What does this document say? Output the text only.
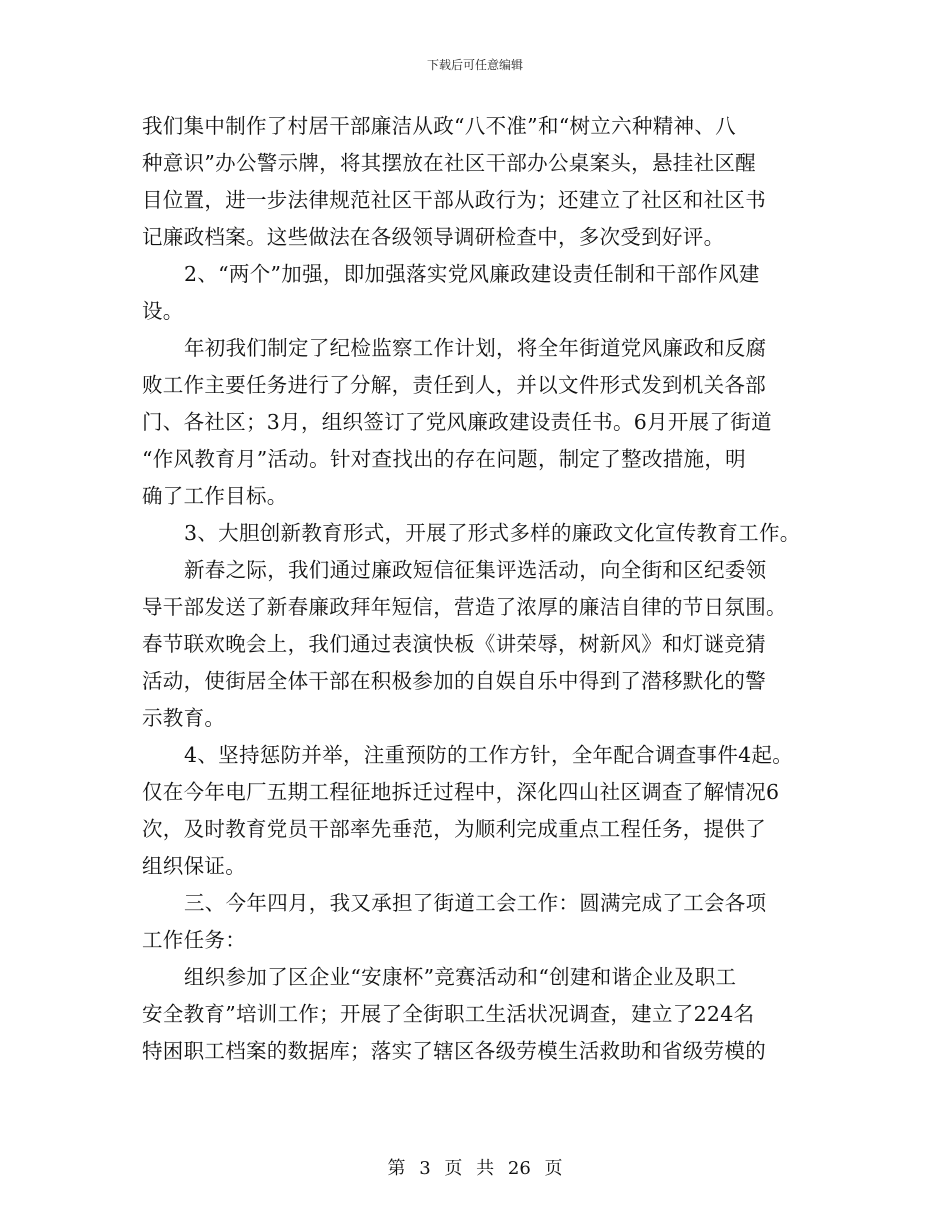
下载后可任意编辑
我们集中制作了村居干部廉洁从政“八不准”和“树立六种精神、八
种意识”办公警示牌，将其摆放在社区干部办公桌案头，悬挂社区醒
目位置，进一步法律规范社区干部从政行为；还建立了社区和社区书
记廉政档案。这些做法在各级领导调研检查中，多次受到好评。
2、“两个”加强，即加强落实党风廉政建设责任制和干部作风建
设。
年初我们制定了纪检监察工作计划，将全年街道党风廉政和反腐
败工作主要任务进行了分解，责任到人，并以文件形式发到机关各部
门、各社区；3月，组织签订了党风廉政建设责任书。6月开展了街道
“作风教育月”活动。针对查找出的存在问题，制定了整改措施，明
确了工作目标。
3、大胆创新教育形式，开展了形式多样的廉政文化宣传教育工作。
新春之际，我们通过廉政短信征集评选活动，向全街和区纪委领
导干部发送了新春廉政拜年短信，营造了浓厚的廉洁自律的节日氛围。
春节联欢晚会上，我们通过表演快板《讲荣辱，树新风》和灯谜竞猜
活动，使街居全体干部在积极参加的自娱自乐中得到了潜移默化的警
示教育。
4、坚持惩防并举，注重预防的工作方针，全年配合调查事件4起。
仅在今年电厂五期工程征地拆迁过程中，深化四山社区调查了解情况6
次，及时教育党员干部率先垂范，为顺利完成重点工程任务，提供了
组织保证。
三、今年四月，我又承担了街道工会工作：圆满完成了工会各项
工作任务：
组织参加了区企业“安康杯”竞赛活动和“创建和谐企业及职工
安全教育”培训工作；开展了全街职工生活状况调查，建立了224名
特困职工档案的数据库；落实了辖区各级劳模生活救助和省级劳模的
第 3 页 共 26 页
